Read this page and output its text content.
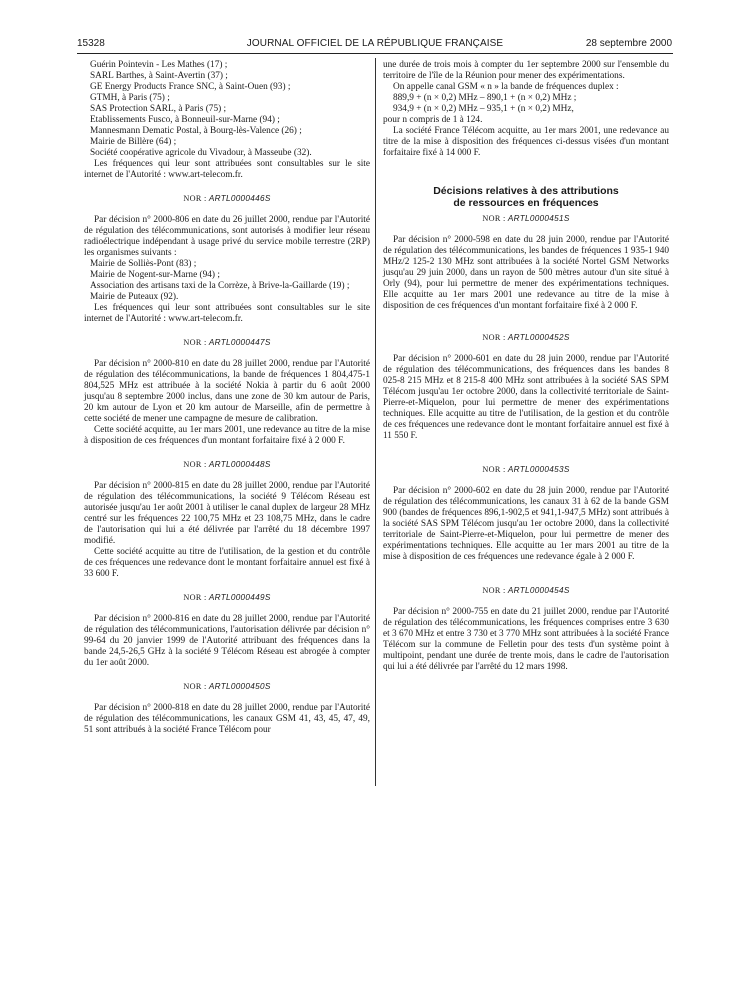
15328	JOURNAL OFFICIEL DE LA RÉPUBLIQUE FRANÇAISE	28 septembre 2000
Guérin Pointevin - Les Mathes (17) ;
SARL Barthes, à Saint-Avertin (37) ;
GE Energy Products France SNC, à Saint-Ouen (93) ;
GTMH, à Paris (75) ;
SAS Protection SARL, à Paris (75) ;
Etablissements Fusco, à Bonneuil-sur-Marne (94) ;
Mannesmann Dematic Postal, à Bourg-lès-Valence (26) ;
Mairie de Billère (64) ;
Société coopérative agricole du Vivadour, à Masseube (32).

Les fréquences qui leur sont attribuées sont consultables sur le site internet de l'Autorité : www.art-telecom.fr.

NOR : ARTL0000446S

Par décision n° 2000-806 en date du 26 juillet 2000, rendue par l'Autorité de régulation des télécommunications, sont autorisés à modifier leur réseau radioélectrique indépendant à usage privé du service mobile terrestre (2RP) les organismes suivants :

Mairie de Solliès-Pont (83) ;
Mairie de Nogent-sur-Marne (94) ;
Association des artisans taxi de la Corrèze, à Brive-la-Gaillarde (19) ;
Mairie de Puteaux (92).

Les fréquences qui leur sont attribuées sont consultables sur le site internet de l'Autorité : www.art-telecom.fr.

NOR : ARTL0000447S

Par décision n° 2000-810 en date du 28 juillet 2000, rendue par l'Autorité de régulation des télécommunications, la bande de fréquences 1 804,475-1 804,525 MHz est attribuée à la société Nokia à partir du 6 août 2000 jusqu'au 8 septembre 2000 inclus, dans une zone de 30 km autour de Paris, 20 km autour de Lyon et 20 km autour de Marseille, afin de permettre à cette société de mener une campagne de mesure de calibration.

Cette société acquitte, au 1er mars 2001, une redevance au titre de la mise à disposition de ces fréquences d'un montant forfaitaire fixé à 2 000 F.

NOR : ARTL0000448S

Par décision n° 2000-815 en date du 28 juillet 2000, rendue par l'Autorité de régulation des télécommunications, la société 9 Télécom Réseau est autorisée jusqu'au 1er août 2001 à utiliser le canal duplex de largeur 28 MHz centré sur les fréquences 22 100,75 MHz et 23 108,75 MHz, dans le cadre de l'autorisation qui lui a été délivrée par l'arrêté du 18 décembre 1997 modifié.

Cette société acquitte au titre de l'utilisation, de la gestion et du contrôle de ces fréquences une redevance dont le montant forfaitaire annuel est fixé à 33 600 F.

NOR : ARTL0000449S

Par décision n° 2000-816 en date du 28 juillet 2000, rendue par l'Autorité de régulation des télécommunications, l'autorisation délivrée par décision n° 99-64 du 20 janvier 1999 de l'Autorité attribuant des fréquences dans la bande 24,5-26,5 GHz à la société 9 Télécom Réseau est abrogée à compter du 1er août 2000.

NOR : ARTL0000450S

Par décision n° 2000-818 en date du 28 juillet 2000, rendue par l'Autorité de régulation des télécommunications, les canaux GSM 41, 43, 45, 47, 49, 51 sont attribués à la société France Télécom pour

une durée de trois mois à compter du 1er septembre 2000 sur l'ensemble du territoire de l'île de la Réunion pour mener des expérimentations.

On appelle canal GSM « n » la bande de fréquences duplex :

889,9 + (n × 0,2) MHz – 890,1 + (n × 0,2) MHz ;
934,9 + (n × 0,2) MHz – 935,1 + (n × 0,2) MHz,

pour n compris de 1 à 124.

La société France Télécom acquitte, au 1er mars 2001, une redevance au titre de la mise à disposition des fréquences ci-dessus visées d'un montant forfaitaire fixé à 14 000 F.

Décisions relatives à des attributions
de ressources en fréquences
NOR : ARTL0000451S

Par décision n° 2000-598 en date du 28 juin 2000, rendue par l'Autorité de régulation des télécommunications, les bandes de fréquences 1 935-1 940 MHz/2 125-2 130 MHz sont attribuées à la société Nortel GSM Networks jusqu'au 29 juin 2000, dans un rayon de 500 mètres autour d'un site situé à Orly (94), pour lui permettre de mener des expérimentations techniques. Elle acquitte au 1er mars 2001 une redevance au titre de la mise à disposition de ces fréquences d'un montant forfaitaire fixé à 2 000 F.

NOR : ARTL0000452S

Par décision n° 2000-601 en date du 28 juin 2000, rendue par l'Autorité de régulation des télécommunications, des fréquences dans les bandes 8 025-8 215 MHz et 8 215-8 400 MHz sont attribuées à la société SAS SPM Télécom jusqu'au 1er octobre 2000, dans la collectivité territoriale de Saint-Pierre-et-Miquelon, pour lui permettre de mener des expérimentations techniques. Elle acquitte au titre de l'utilisation, de la gestion et du contrôle de ces fréquences une redevance dont le montant forfaitaire annuel est fixé à 11 550 F.

NOR : ARTL0000453S

Par décision n° 2000-602 en date du 28 juin 2000, rendue par l'Autorité de régulation des télécommunications, les canaux 31 à 62 de la bande GSM 900 (bandes de fréquences 896,1-902,5 et 941,1-947,5 MHz) sont attribués à la société SAS SPM Télécom jusqu'au 1er octobre 2000, dans la collectivité territoriale de Saint-Pierre-et-Miquelon, pour lui permettre de mener des expérimentations techniques. Elle acquitte au 1er mars 2001 au titre de la mise à disposition de ces fréquences une redevance égale à 2 000 F.

NOR : ARTL0000454S

Par décision n° 2000-755 en date du 21 juillet 2000, rendue par l'Autorité de régulation des télécommunications, les fréquences comprises entre 3 630 et 3 670 MHz et entre 3 730 et 3 770 MHz sont attribuées à la société France Télécom sur la commune de Felletin pour des tests d'un système point à multipoint, pendant une durée de trente mois, dans le cadre de l'autorisation qui lui a été délivrée par l'arrêté du 12 mars 1998.
